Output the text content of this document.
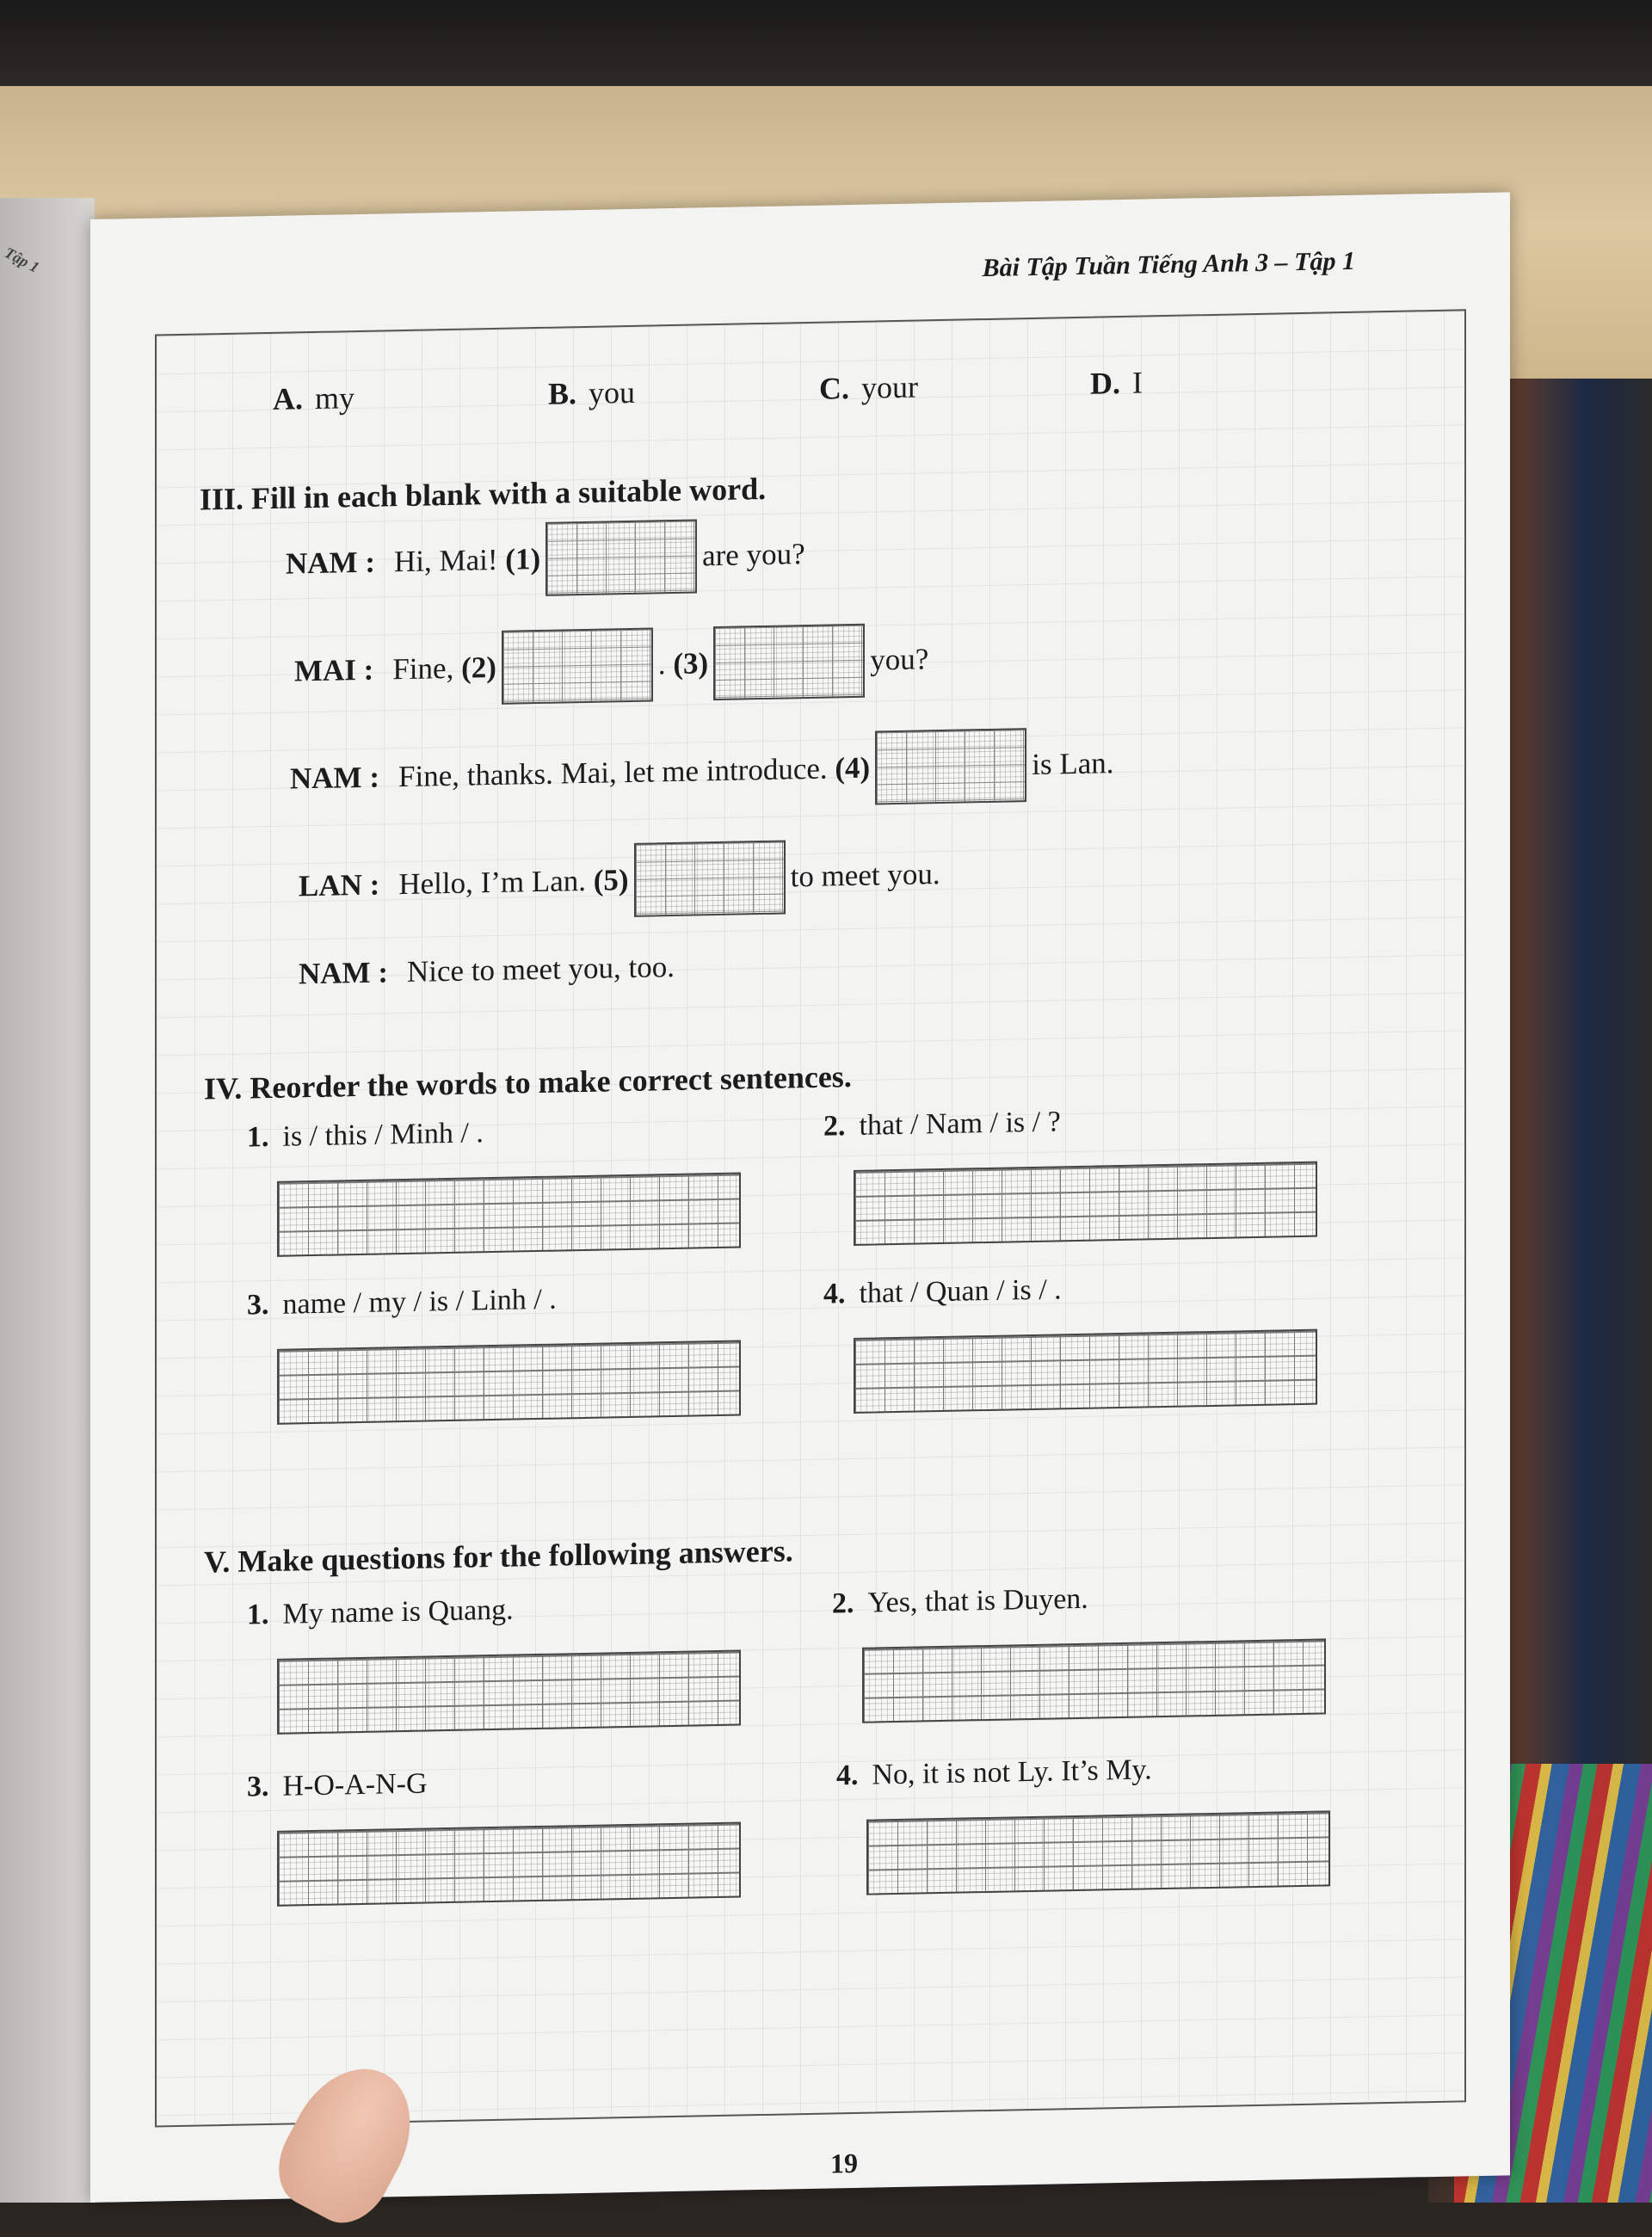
Tập 1	Bài Tập Tuần Tiếng Anh 3 – Tập 1
A. my	B. you	C. your	D. I
III. Fill in each blank with a suitable word.
NAM : Hi, Mai!
(1)	are you?
MAI : Fine,
(2)	.
(3)	you?
NAM : Fine, thanks. Mai, let me introduce.
(4)	is Lan.
LAN : Hello, I’m Lan.
(5)	to meet you.
NAM : Nice to meet you, too.
IV. Reorder the words to make correct sentences.
1. is / this / Minh / .	2. that / Nam / is / ?
3. name / my / is / Linh / .	4. that / Quan / is / .
V. Make questions for the following answers.
1. My name is Quang.	2. Yes, that is Duyen.
3. H-O-A-N-G	4. No, it is not Ly. It’s My.
19
